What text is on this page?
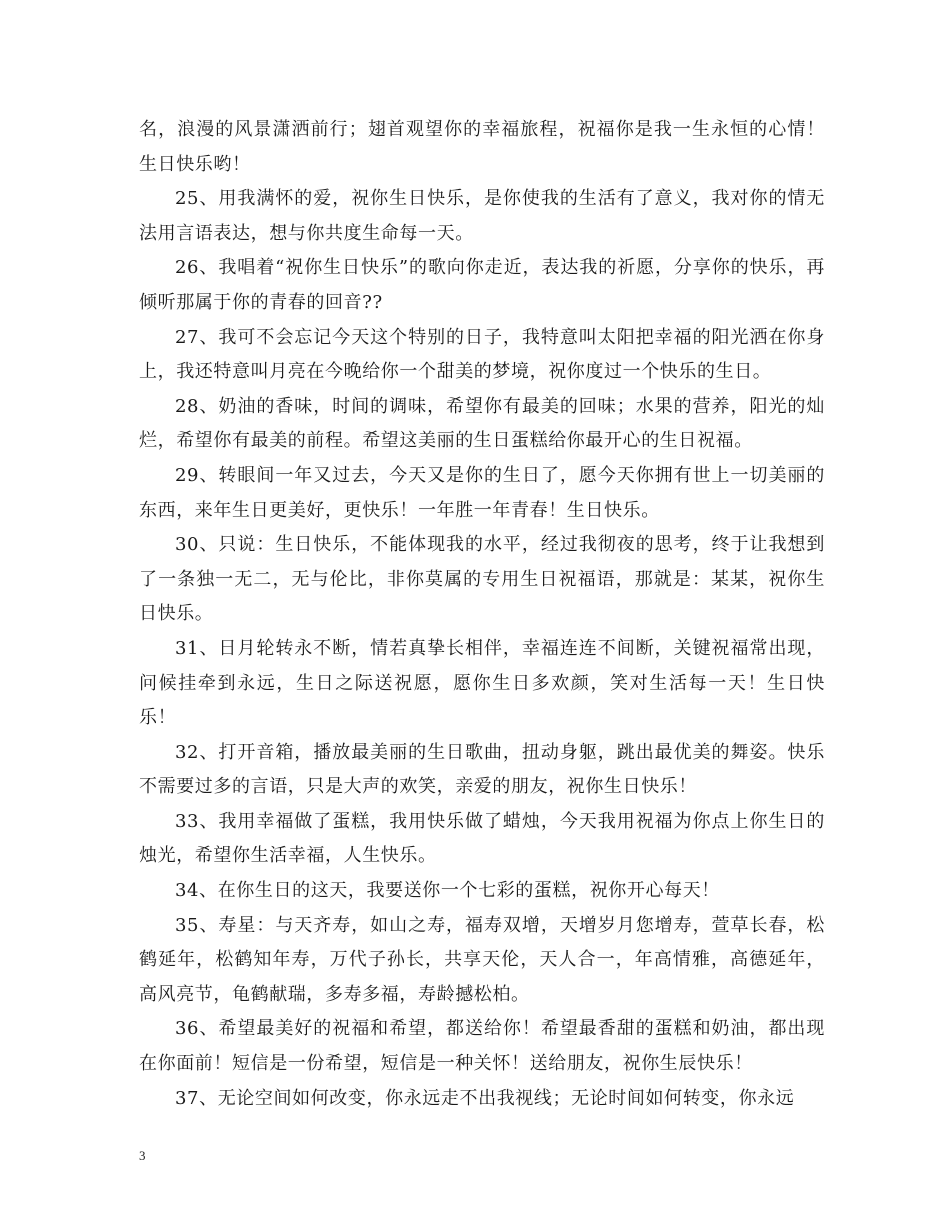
名，浪漫的风景潇洒前行；翅首观望你的幸福旅程，祝福你是我一生永恒的心情！生日快乐哟！

25、用我满怀的爱，祝你生日快乐，是你使我的生活有了意义，我对你的情无法用言语表达，想与你共度生命每一天。

26、我唱着“祝你生日快乐”的歌向你走近，表达我的祈愿，分享你的快乐，再倾听那属于你的青春的回音??

27、我可不会忘记今天这个特别的日子，我特意叫太阳把幸福的阳光洒在你身上，我还特意叫月亮在今晚给你一个甜美的梦境，祝你度过一个快乐的生日。

28、奶油的香味，时间的调味，希望你有最美的回味；水果的营养，阳光的灿烂，希望你有最美的前程。希望这美丽的生日蛋糕给你最开心的生日祝福。

29、转眼间一年又过去，今天又是你的生日了，愿今天你拥有世上一切美丽的东西，来年生日更美好，更快乐！一年胜一年青春！生日快乐。

30、只说：生日快乐，不能体现我的水平，经过我彻夜的思考，终于让我想到了一条独一无二，无与伦比，非你莫属的专用生日祝福语，那就是：某某，祝你生日快乐。

31、日月轮转永不断，情若真挚长相伴，幸福连连不间断，关键祝福常出现，问候挂牵到永远，生日之际送祝愿，愿你生日多欢颜，笑对生活每一天！生日快乐！

32、打开音箱，播放最美丽的生日歌曲，扭动身躯，跳出最优美的舞姿。快乐不需要过多的言语，只是大声的欢笑，亲爱的朋友，祝你生日快乐！

33、我用幸福做了蛋糕，我用快乐做了蜡烛，今天我用祝福为你点上你生日的烛光，希望你生活幸福，人生快乐。

34、在你生日的这天，我要送你一个七彩的蛋糕，祝你开心每天！

35、寿星：与天齐寿，如山之寿，福寿双增，天增岁月您增寿，萱草长春，松鹤延年，松鹤知年寿，万代子孙长，共享天伦，天人合一，年高情雅，高德延年，高风亮节，龟鹤献瑞，多寿多福，寿龄撼松柏。

36、希望最美好的祝福和希望，都送给你！希望最香甜的蛋糕和奶油，都出现在你面前！短信是一份希望，短信是一种关怀！送给朋友，祝你生辰快乐！

37、无论空间如何改变，你永远走不出我视线；无论时间如何转变，你永远

3
